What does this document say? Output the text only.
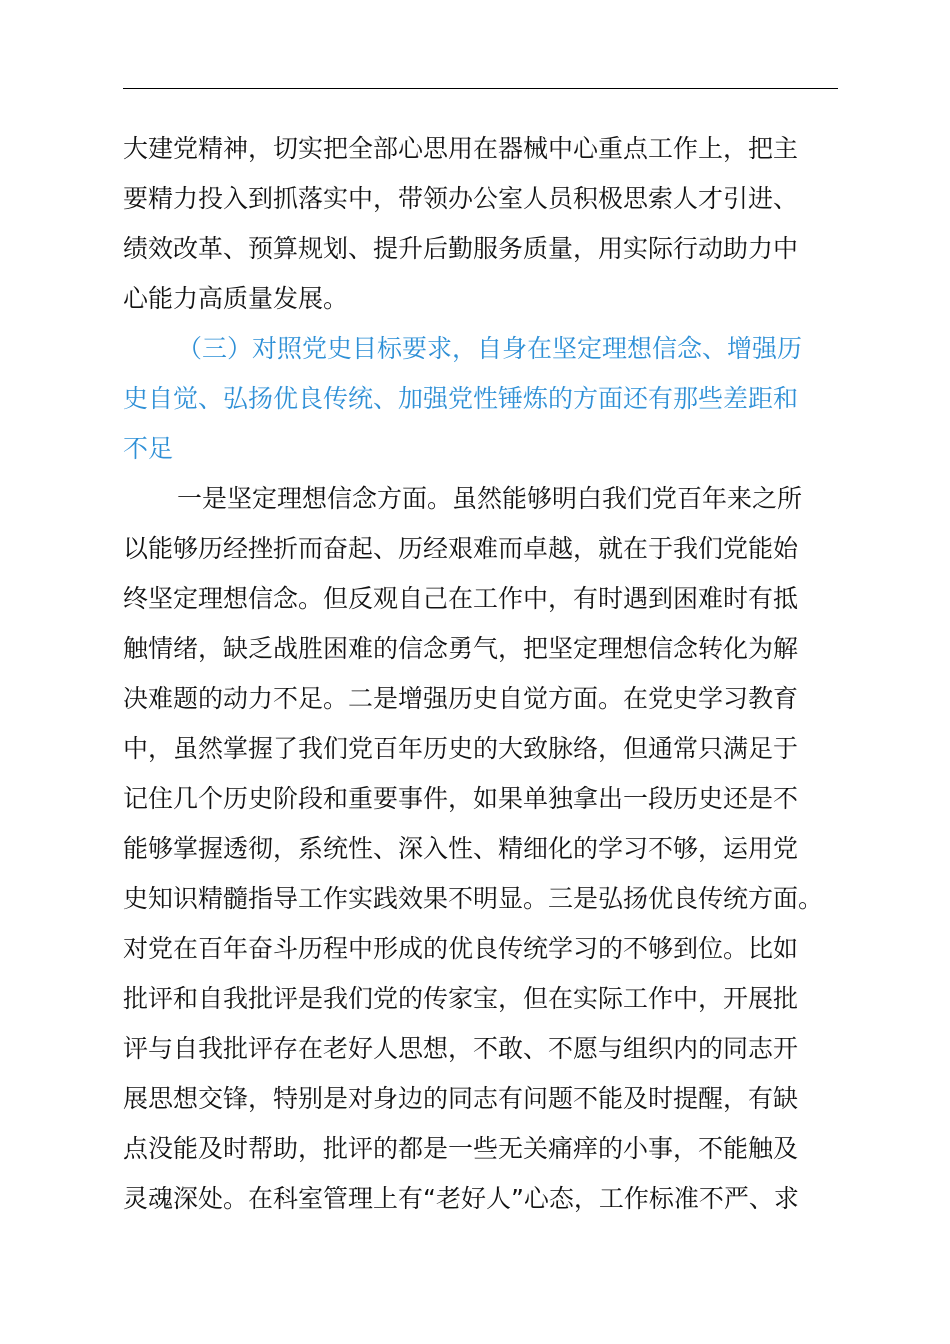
大建党精神，切实把全部心思用在器械中心重点工作上，把主
要精力投入到抓落实中，带领办公室人员积极思索人才引进、
绩效改革、预算规划、提升后勤服务质量，用实际行动助力中
心能力高质量发展。
（三）对照党史目标要求，自身在坚定理想信念、增强历
史自觉、弘扬优良传统、加强党性锤炼的方面还有那些差距和
不足
一是坚定理想信念方面。虽然能够明白我们党百年来之所
以能够历经挫折而奋起、历经艰难而卓越，就在于我们党能始
终坚定理想信念。但反观自己在工作中，有时遇到困难时有抵
触情绪，缺乏战胜困难的信念勇气，把坚定理想信念转化为解
决难题的动力不足。二是增强历史自觉方面。在党史学习教育
中，虽然掌握了我们党百年历史的大致脉络，但通常只满足于
记住几个历史阶段和重要事件，如果单独拿出一段历史还是不
能够掌握透彻，系统性、深入性、精细化的学习不够，运用党
史知识精髓指导工作实践效果不明显。三是弘扬优良传统方面。
对党在百年奋斗历程中形成的优良传统学习的不够到位。比如
批评和自我批评是我们党的传家宝，但在实际工作中，开展批
评与自我批评存在老好人思想，不敢、不愿与组织内的同志开
展思想交锋，特别是对身边的同志有问题不能及时提醒，有缺
点没能及时帮助，批评的都是一些无关痛痒的小事，不能触及
灵魂深处。在科室管理上有“老好人”心态，工作标准不严、求
